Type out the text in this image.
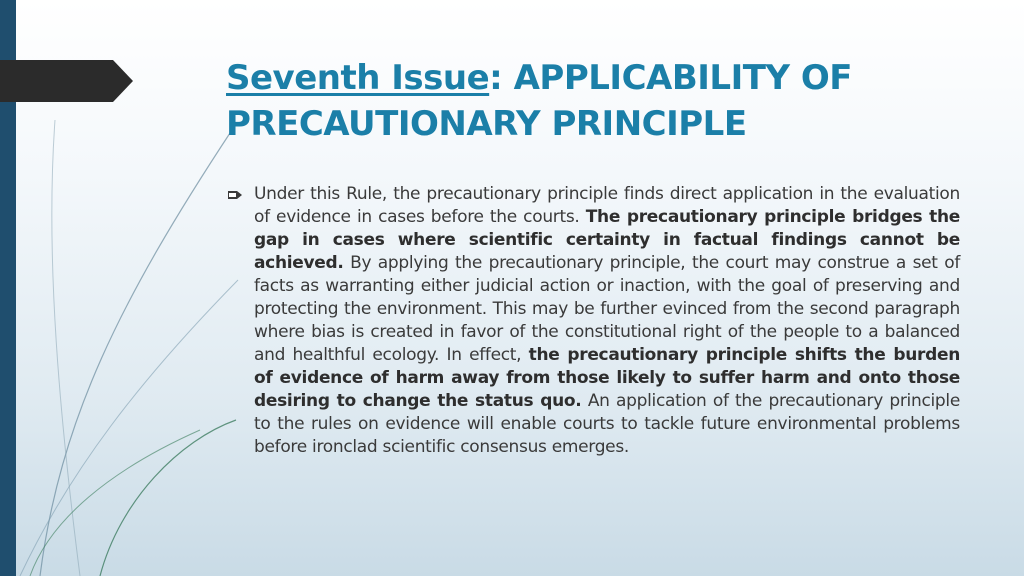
Seventh Issue: APPLICABILITY OF PRECAUTIONARY PRINCIPLE

Under this Rule, the precautionary principle finds direct application in the evaluation of evidence in cases before the courts. The precautionary principle bridges the gap in cases where scientific certainty in factual findings cannot be achieved. By applying the precautionary principle, the court may construe a set of facts as warranting either judicial action or inaction, with the goal of preserving and protecting the environment. This may be further evinced from the second paragraph where bias is created in favor of the constitutional right of the people to a balanced and healthful ecology. In effect, the precautionary principle shifts the burden of evidence of harm away from those likely to suffer harm and onto those desiring to change the status quo. An application of the precautionary principle to the rules on evidence will enable courts to tackle future environmental problems before ironclad scientific consensus emerges.
